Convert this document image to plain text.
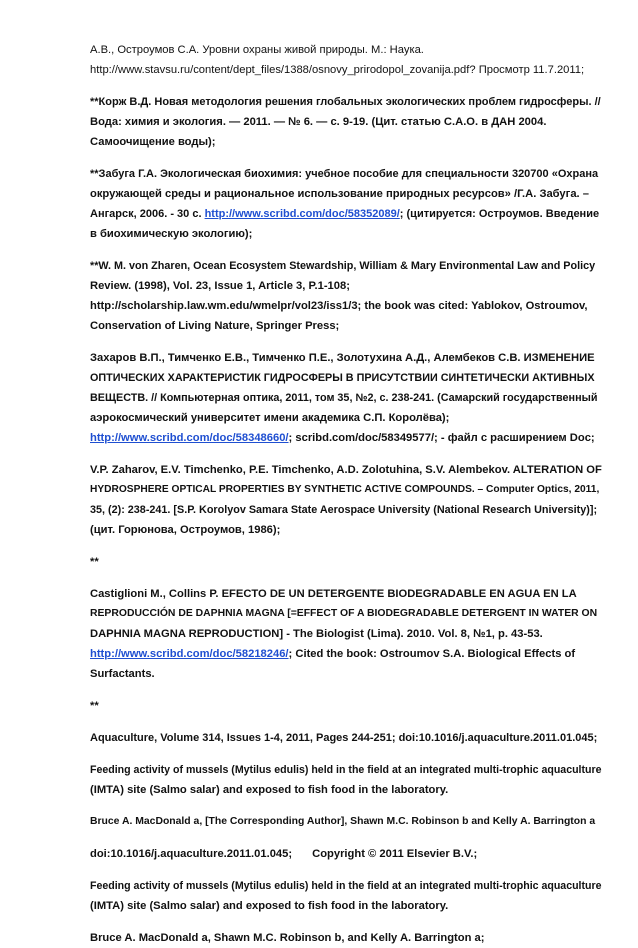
А.В., Остроумов С.А. Уровни охраны живой природы. М.: Наука.
http://www.stavsu.ru/content/dept_files/1388/osnovy_prirodopol_zovanija.pdf? Просмотр 11.7.2011;

**Корж В.Д. Новая методология решения глобальных экологических проблем гидросферы. //
Вода: химия и экология. — 2011. — № 6. — с. 9-19. (Цит. статью С.А.О. в ДАН 2004.
Самоочищение воды);

**Забуга Г.А. Экологическая биохимия: учебное пособие для специальности 320700 «Охрана
окружающей среды и рациональное использование природных ресурсов» /Г.А. Забуга. –
Ангарск, 2006. - 30 с. http://www.scribd.com/doc/58352089/; (цитируется: Остроумов. Введение
в биохимическую экологию);

**W. M. von Zharen, Ocean Ecosystem Stewardship, William & Mary Environmental Law and Policy
Review. (1998), Vol. 23, Issue 1, Article 3, P.1-108;
http://scholarship.law.wm.edu/wmelpr/vol23/iss1/3; the book was cited: Yablokov, Ostroumov,
Conservation of Living Nature, Springer Press;

Захаров В.П., Тимченко Е.В., Тимченко П.Е., Золотухина А.Д., Алембеков С.В. ИЗМЕНЕНИЕ
ОПТИЧЕСКИХ ХАРАКТЕРИСТИК ГИДРОСФЕРЫ В ПРИСУТСТВИИ СИНТЕТИЧЕСКИ АКТИВНЫХ
ВЕЩЕСТВ. // Компьютерная оптика, 2011, том 35, №2, с. 238-241. (Самарский государственный
аэрокосмический университет имени академика С.П. Королёва);
http://www.scribd.com/doc/58348660/; scribd.com/doc/58349577/; - файл с расширением Doc;

V.P. Zaharov, E.V. Timchenko, P.E. Timchenko, A.D. Zolotuhina, S.V. Alembekov. ALTERATION OF
HYDROSPHERE OPTICAL PROPERTIES BY SYNTHETIC ACTIVE COMPOUNDS. – Computer Optics, 2011,
35, (2): 238-241. [S.P. Korolyov Samara State Aerospace University (National Research University)];
(цит. Горюнова, Остроумов, 1986);

**

Castiglioni M., Collins P. EFECTO DE UN DETERGENTE BIODEGRADABLE EN AGUA EN LA
REPRODUCCIÓN DE DAPHNIA MAGNA [=EFFECT OF A BIODEGRADABLE DETERGENT IN WATER ON
DAPHNIA MAGNA REPRODUCTION] - The Biologist (Lima). 2010. Vol. 8, №1, p. 43-53.
http://www.scribd.com/doc/58218246/; Cited the book: Ostroumov S.A. Biological Effects of
Surfactants.

**

Aquaculture, Volume 314, Issues 1-4, 2011, Pages 244-251; doi:10.1016/j.aquaculture.2011.01.045;

Feeding activity of mussels (Mytilus edulis) held in the field at an integrated multi-trophic aquaculture
(IMTA) site (Salmo salar) and exposed to fish food in the laboratory.

Bruce A. MacDonald a, [The Corresponding Author], Shawn M.C. Robinson b and Kelly A. Barrington a

doi:10.1016/j.aquaculture.2011.01.045; Copyright © 2011 Elsevier B.V.;

Feeding activity of mussels (Mytilus edulis) held in the field at an integrated multi-trophic aquaculture
(IMTA) site (Salmo salar) and exposed to fish food in the laboratory.

Bruce A. MacDonald a, Shawn M.C. Robinson b, and Kelly A. Barrington a;
